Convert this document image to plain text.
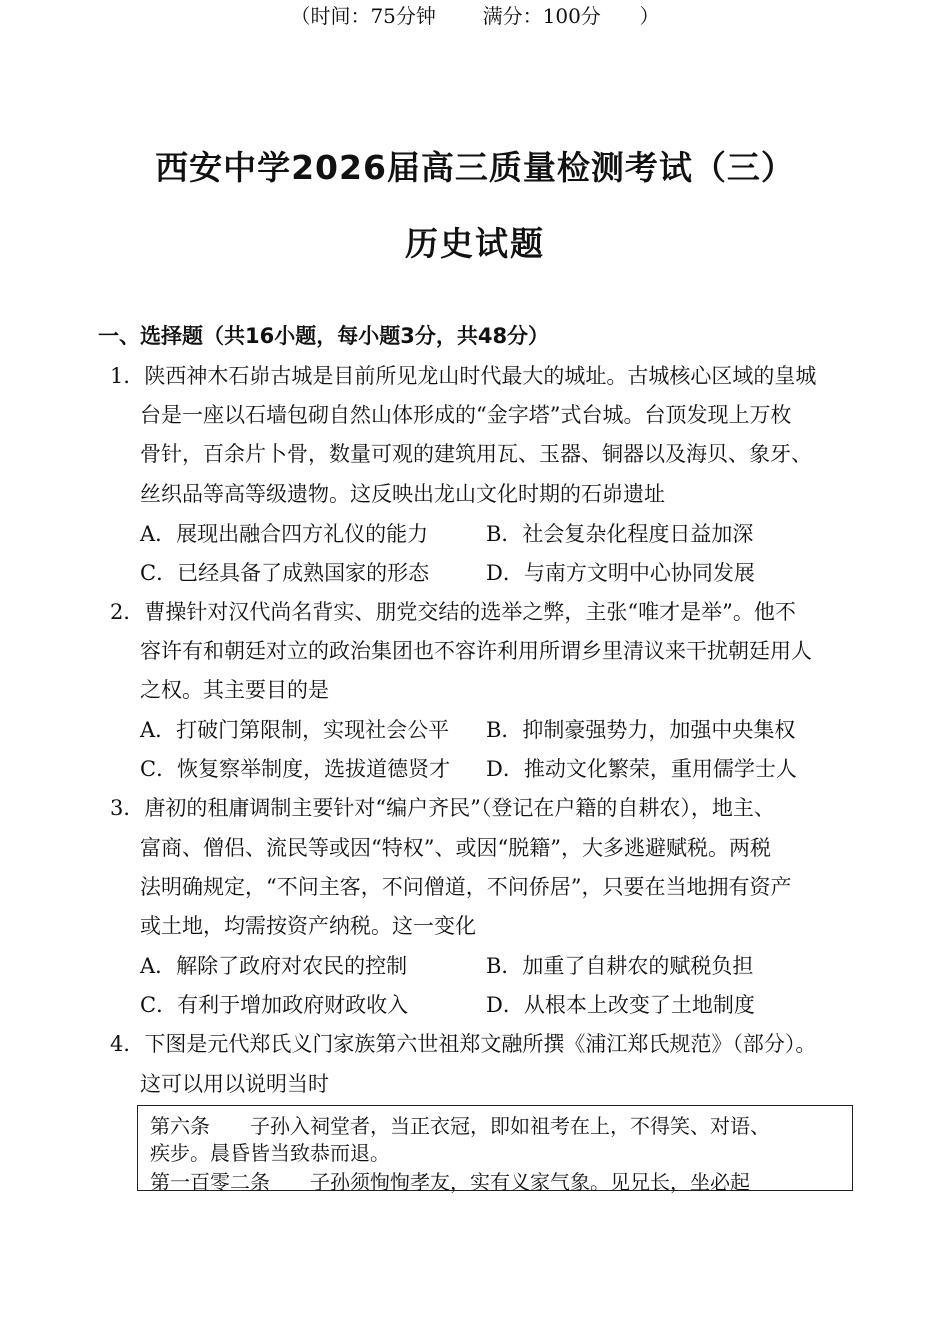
西安中学2026届高三质量检测考试（三）
历史试题
（时间：75分钟 满分：100分 ）
一、选择题（共16小题，每小题3分，共48分）
1．陕西神木石峁古城是目前所见龙山时代最大的城址。古城核心区域的皇城
台是一座以石墙包砌自然山体形成的“金字塔”式台城。台顶发现上万枚
骨针，百余片卜骨，数量可观的建筑用瓦、玉器、铜器以及海贝、象牙、
丝织品等高等级遗物。这反映出龙山文化时期的石峁遗址
A．展现出融合四方礼仪的能力	B．社会复杂化程度日益加深
C．已经具备了成熟国家的形态	D．与南方文明中心协同发展
2．曹操针对汉代尚名背实、朋党交结的选举之弊，主张“唯才是举”。他不
容许有和朝廷对立的政治集团也不容许利用所谓乡里清议来干扰朝廷用人
之权。其主要目的是
A．打破门第限制，实现社会公平 B．抑制豪强势力，加强中央集权
C．恢复察举制度，选拔道德贤才 D．推动文化繁荣，重用儒学士人
3．唐初的租庸调制主要针对“编户齐民”（登记在户籍的自耕农），地主、
富商、僧侣、流民等或因“特权”、或因“脱籍”，大多逃避赋税。两税
法明确规定，“不问主客，不问僧道，不问侨居”，只要在当地拥有资产
或土地，均需按资产纳税。这一变化
A．解除了政府对农民的控制	B．加重了自耕农的赋税负担
C．有利于增加政府财政收入	D．从根本上改变了土地制度
4．下图是元代郑氏义门家族第六世祖郑文融所撰《浦江郑氏规范》（部分）。
这可以用以说明当时
第六条　　子孙入祠堂者，当正衣冠，即如祖考在上，不得笑、对语、
疾步。晨昏皆当致恭而退。
第一百零二条　　子孙须恂恂孝友，实有义家气象。见兄长，坐必起
